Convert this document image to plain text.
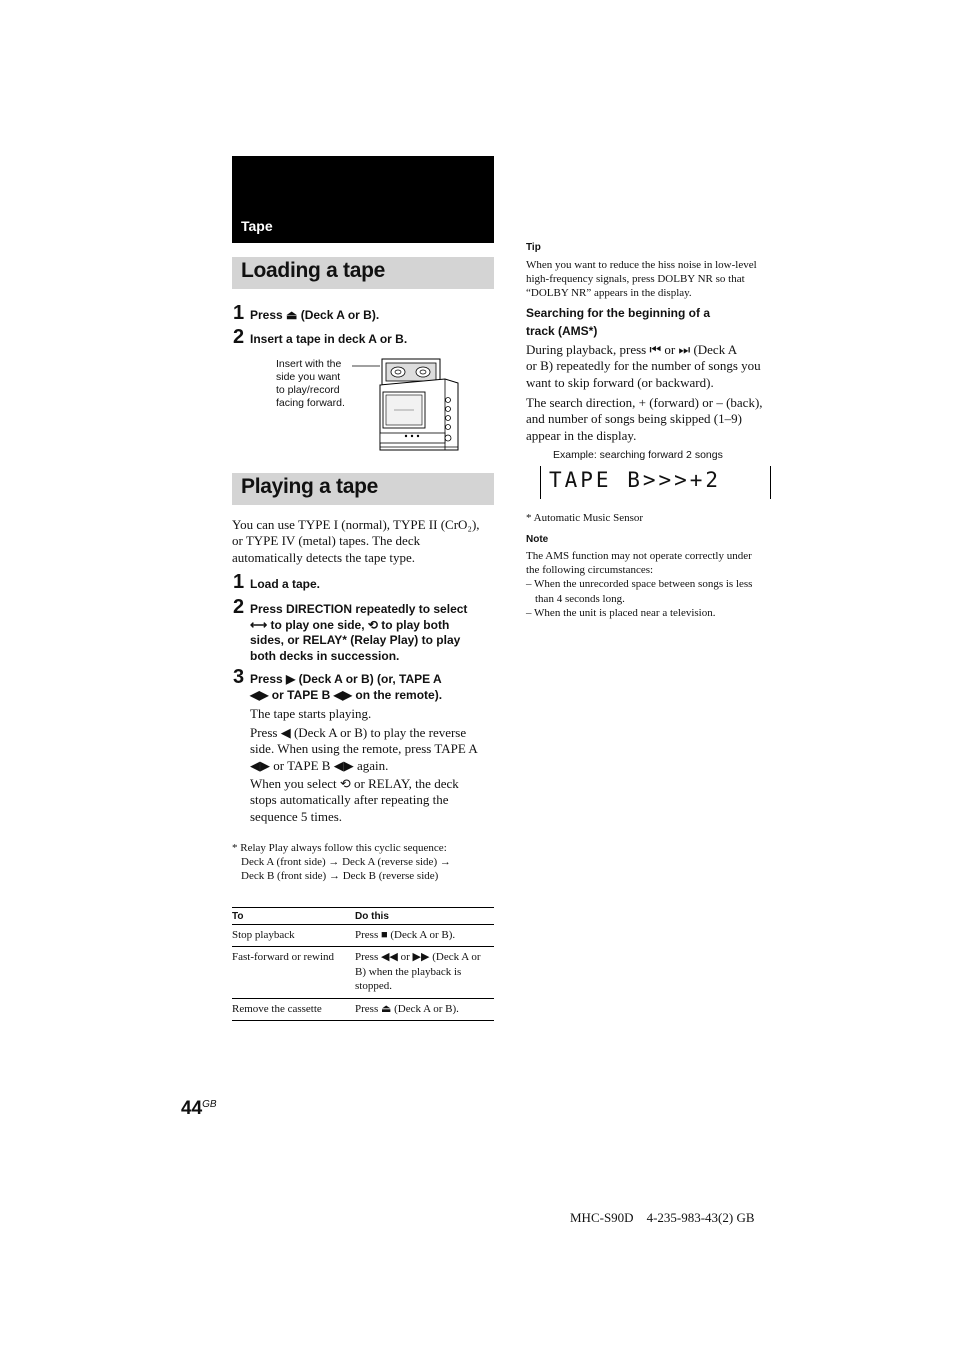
Tape
Loading a tape
1 Press ⏏ (Deck A or B).
2 Insert a tape in deck A or B.
Insert with the
side you want
to play/record
facing forward.
Playing a tape
You can use TYPE I (normal), TYPE II (CrO₂),
or TYPE IV (metal) tapes. The deck
automatically detects the tape type.
1 Load a tape.
2 Press DIRECTION repeatedly to select
⟷ to play one side, ⟲ to play both
sides, or RELAY* (Relay Play) to play
both decks in succession.
3 Press ▶ (Deck A or B) (or, TAPE A
◀▶ or TAPE B ◀▶ on the remote).
The tape starts playing.
Press ◀ (Deck A or B) to play the reverse
side. When using the remote, press TAPE A
◀▶ or TAPE B ◀▶ again.
When you select ⟲ or RELAY, the deck
stops automatically after repeating the
sequence 5 times.
* Relay Play always follow this cyclic sequence:
Deck A (front side) → Deck A (reverse side) →
Deck B (front side) → Deck B (reverse side)
To	Do this
Stop playback	Press ■ (Deck A or B).
Fast-forward or rewind	Press ◀◀ or ▶▶ (Deck A or B) when the playback is stopped.
Remove the cassette	Press ⏏ (Deck A or B).
Tip
When you want to reduce the hiss noise in low-level
high-frequency signals, press DOLBY NR so that
“DOLBY NR” appears in the display.
Searching for the beginning of a
track (AMS*)
During playback, press ⏮ or ⏭ (Deck A
or B) repeatedly for the number of songs you
want to skip forward (or backward).
The search direction, + (forward) or – (back),
and number of songs being skipped (1–9)
appear in the display.
Example: searching forward 2 songs
TAPE B>>>+2
* Automatic Music Sensor
Note
The AMS function may not operate correctly under
the following circumstances:
– When the unrecorded space between songs is less
than 4 seconds long.
– When the unit is placed near a television.
$44^{GB}$
MHC-S90D    4-235-983-43(2) GB
